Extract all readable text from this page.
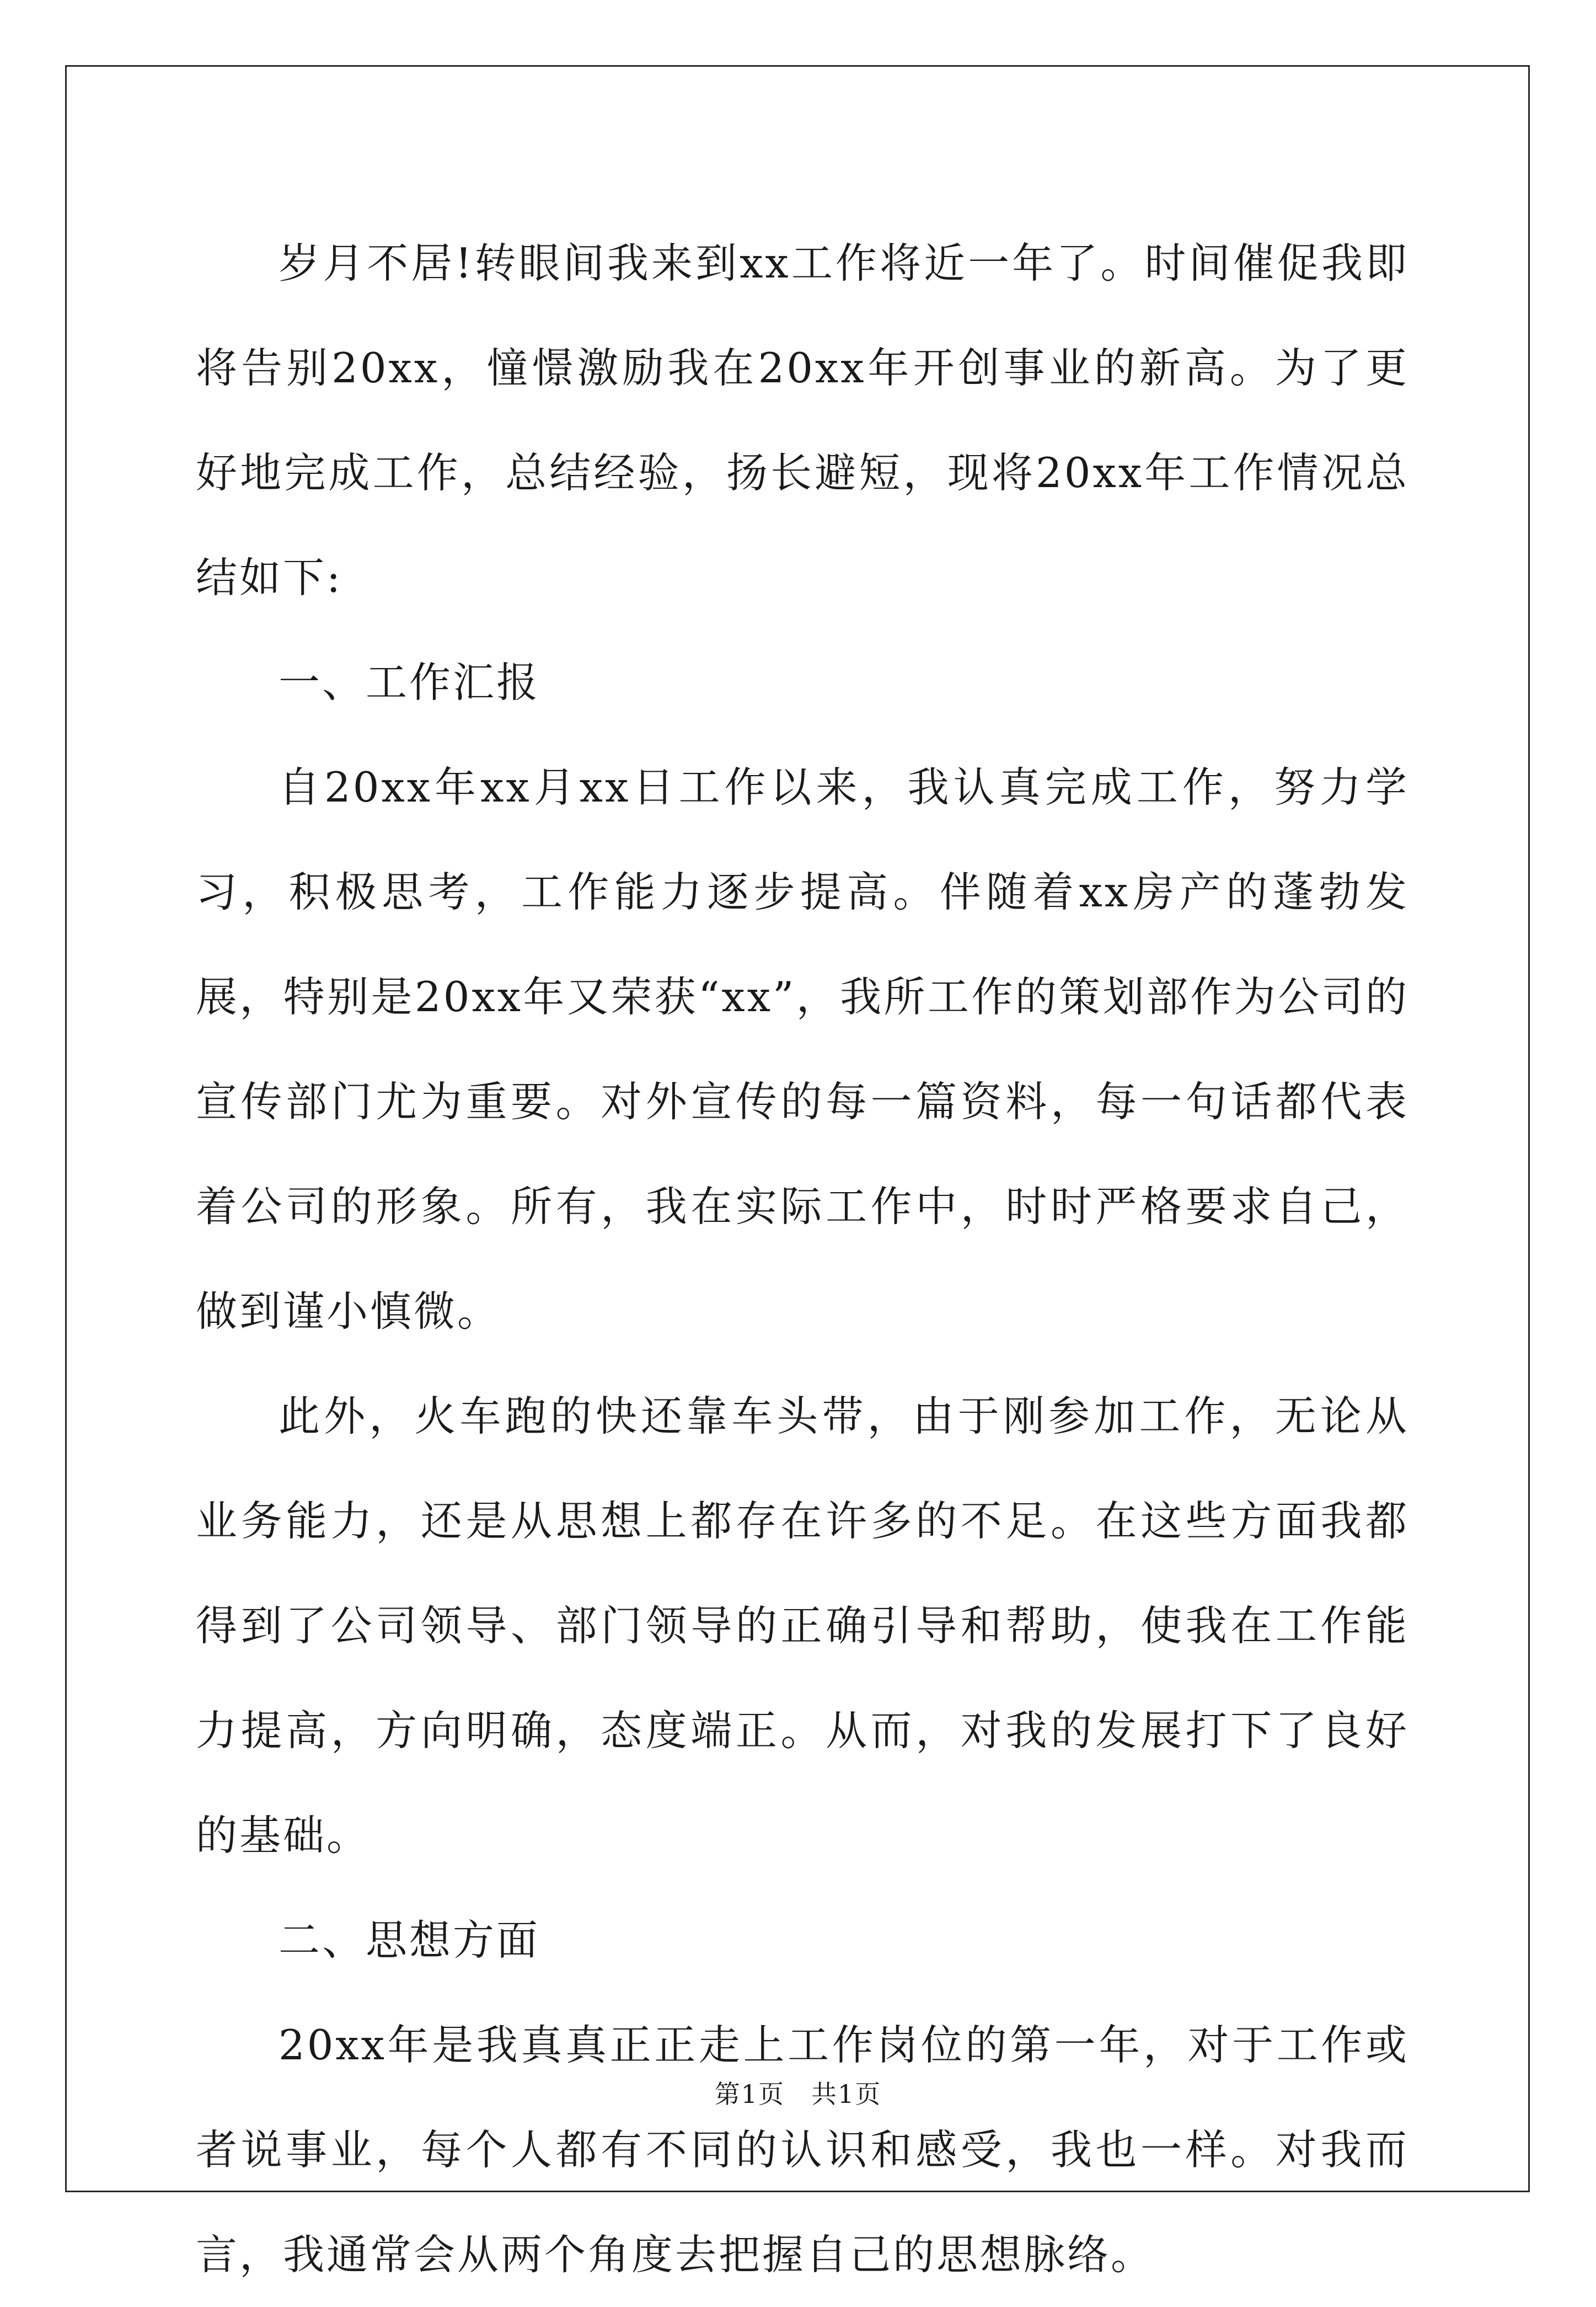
岁月不居!转眼间我来到xx工作将近一年了。时间催促我即将告别20xx，憧憬激励我在20xx年开创事业的新高。为了更好地完成工作，总结经验，扬长避短，现将20xx年工作情况总结如下:

一、工作汇报

自20xx年xx月xx日工作以来，我认真完成工作，努力学习，积极思考，工作能力逐步提高。伴随着xx房产的蓬勃发展，特别是20xx年又荣获“xx”，我所工作的策划部作为公司的宣传部门尤为重要。对外宣传的每一篇资料，每一句话都代表着公司的形象。所有，我在实际工作中，时时严格要求自己，做到谨小慎微。

此外，火车跑的快还靠车头带，由于刚参加工作，无论从业务能力，还是从思想上都存在许多的不足。在这些方面我都得到了公司领导、部门领导的正确引导和帮助，使我在工作能力提高，方向明确，态度端正。从而，对我的发展打下了良好的基础。

二、思想方面

20xx年是我真真正正走上工作岗位的第一年，对于工作或者说事业，每个人都有不同的认识和感受，我也一样。对我而言，我通常会从两个角度去把握自己的思想脉络。

第1页　共1页
